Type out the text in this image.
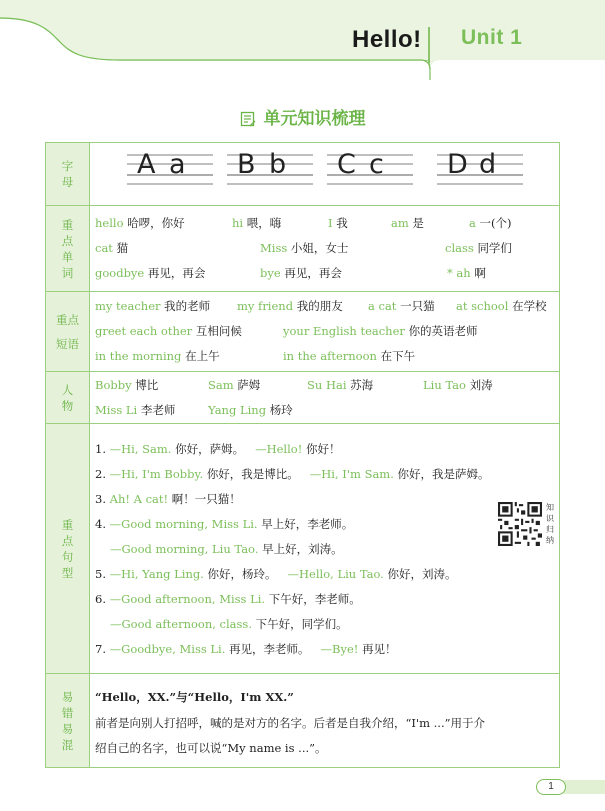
Hello! Unit 1
单元知识梳理
字
母
A a B b C c D d
重
点
单
词
hello 哈啰，你好	hi 喂，嗨	I 我	am 是	a 一(个)
cat 猫	Miss 小姐，女士	class 同学们
goodbye 再见，再会	bye 再见，再会	* ah 啊
重点
短语
my teacher 我的老师 my friend 我的朋友 a cat 一只猫 at school 在学校
greet each other 互相问候	your English teacher 你的英语老师
in the morning 在上午	in the afternoon 在下午
人
物
Bobby 博比	Sam 萨姆	Su Hai 苏海	Liu Tao 刘涛
Miss Li 李老师	Yang Ling 杨玲
重
点
句
型
1. —Hi, Sam. 你好，萨姆。 —Hello! 你好！
2. —Hi, I'm Bobby. 你好，我是博比。 —Hi, I'm Sam. 你好，我是萨姆。
3. Ah! A cat! 啊！一只猫！
4. —Good morning, Miss Li. 早上好，李老师。
—Good morning, Liu Tao. 早上好，刘涛。
5. —Hi, Yang Ling. 你好，杨玲。 —Hello, Liu Tao. 你好，刘涛。
6. —Good afternoon, Miss Li. 下午好，李老师。
—Good afternoon, class. 下午好，同学们。
7. —Goodbye, Miss Li. 再见，李老师。 —Bye! 再见！
知
识
归
纳
易
错
易
混
“Hello，XX.”与“Hello，I'm XX.”
前者是向别人打招呼，喊的是对方的名字。后者是自我介绍，“I'm ...”用于介
绍自己的名字，也可以说“My name is ...”。
1
